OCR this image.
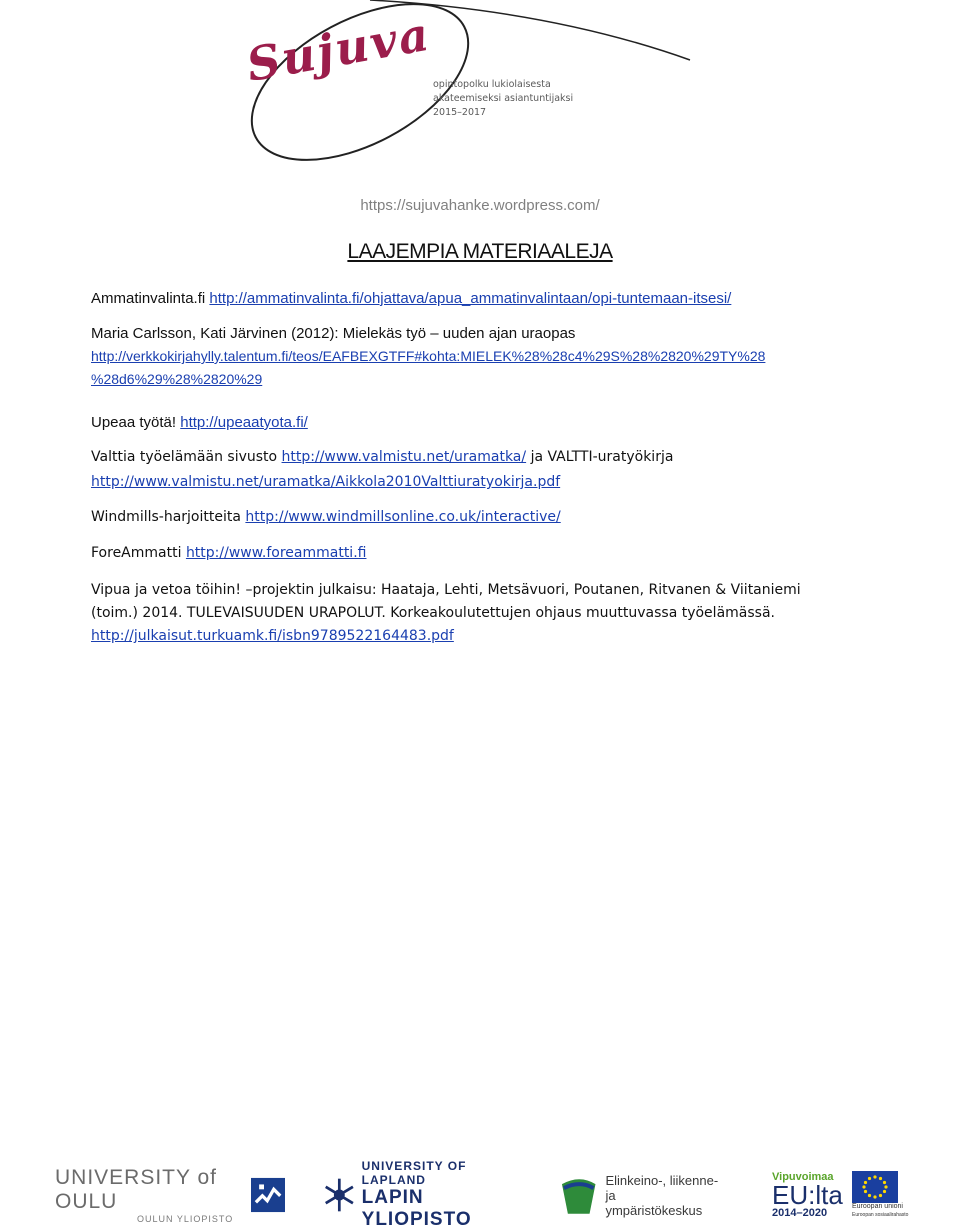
Sujuva
opintopolku lukiolaisesta
akateemiseksi asiantuntijaksi
2015–2017
https://sujuvahanke.wordpress.com/
LAAJEMPIA MATERIAALEJA
Ammatinvalinta.fi http://ammatinvalinta.fi/ohjattava/apua_ammatinvalintaan/opi-tuntemaan-itsesi/
Maria Carlsson, Kati Järvinen (2012): Mielekäs työ – uuden ajan uraopas
http://verkkokirjahylly.talentum.fi/teos/EAFBEXGTFF#kohta:MIELEK%28%28c4%29S%28%2820%29TY%28
%28d6%29%28%2820%29
Upeaa työtä! http://upeaatyota.fi/
Valttia työelämään sivusto http://www.valmistu.net/uramatka/ ja VALTTI-uratyökirja
http://www.valmistu.net/uramatka/Aikkola2010Valttiuratyokirja.pdf
Windmills-harjoitteita http://www.windmillsonline.co.uk/interactive/
ForeAmmatti http://www.foreammatti.fi
Vipua ja vetoa töihin! –projektin julkaisu: Haataja, Lehti, Metsävuori, Poutanen, Ritvanen & Viitaniemi
(toim.) 2014. TULEVAISUUDEN URAPOLUT. Korkeakoulutettujen ohjaus muuttuvassa työelämässä.
http://julkaisut.turkuamk.fi/isbn9789522164483.pdf
UNIVERSITY of OULU
OULUN YLIOPISTO
UNIVERSITY OF LAPLAND
LAPIN YLIOPISTO
Elinkeino-, liikenne- ja
ympäristökeskus
Vipuvoimaa
EU:lta
2014–2020
Euroopan unioni
Euroopan sosiaalirahasto
